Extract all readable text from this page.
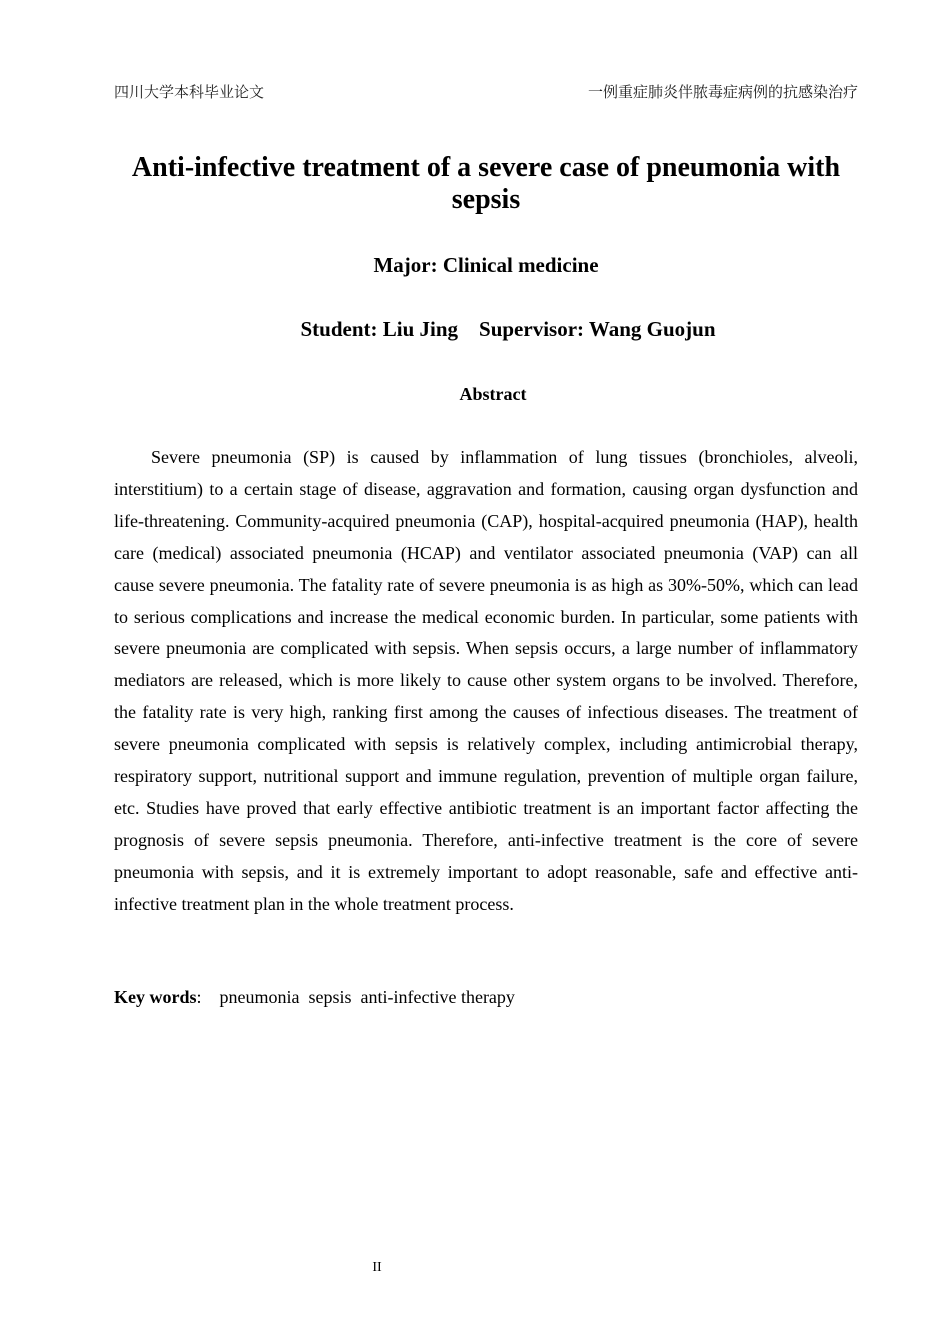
四川大学本科毕业论文	一例重症肺炎伴脓毒症病例的抗感染治疗
Anti-infective treatment of a severe case of pneumonia with sepsis
Major: Clinical medicine
Student: Liu Jing    Supervisor: Wang Guojun
Abstract

Severe pneumonia (SP) is caused by inflammation of lung tissues (bronchioles, alveoli, interstitium) to a certain stage of disease, aggravation and formation, causing organ dysfunction and life-threatening. Community-acquired pneumonia (CAP), hospital-acquired pneumonia (HAP), health care (medical) associated pneumonia (HCAP) and ventilator associated pneumonia (VAP) can all cause severe pneumonia. The fatality rate of severe pneumonia is as high as 30%-50%, which can lead to serious complications and increase the medical economic burden. In particular, some patients with severe pneumonia are complicated with sepsis. When sepsis occurs, a large number of inflammatory mediators are released, which is more likely to cause other system organs to be involved. Therefore, the fatality rate is very high, ranking first among the causes of infectious diseases. The treatment of severe pneumonia complicated with sepsis is relatively complex, including antimicrobial therapy, respiratory support, nutritional support and immune regulation, prevention of multiple organ failure, etc. Studies have proved that early effective antibiotic treatment is an important factor affecting the prognosis of severe sepsis pneumonia. Therefore, anti-infective treatment is the core of severe pneumonia with sepsis, and it is extremely important to adopt reasonable, safe and effective anti-infective treatment plan in the whole treatment process.

Key words: pneumonia  sepsis  anti-infective therapy
II
